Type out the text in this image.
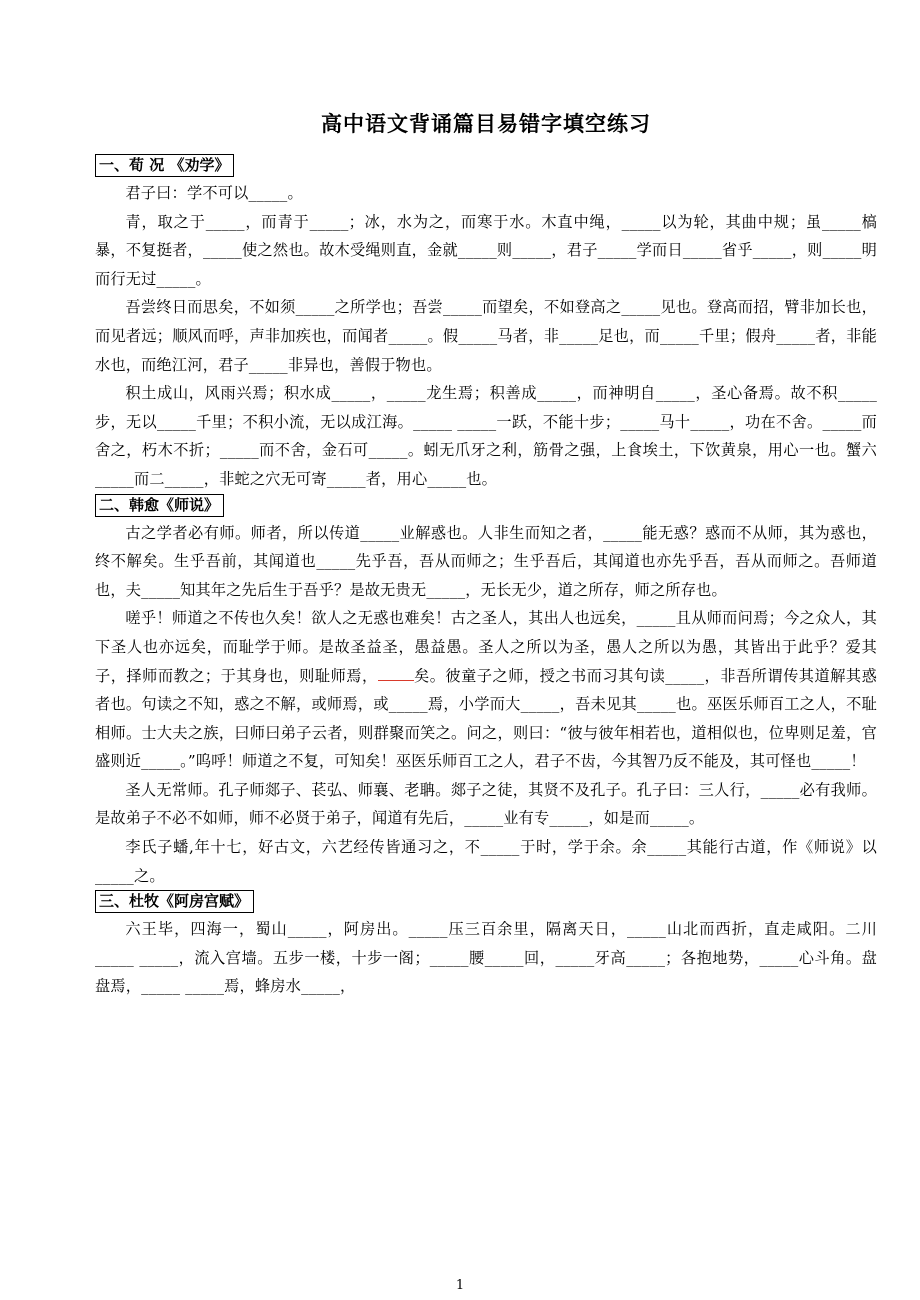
高中语文背诵篇目易错字填空练习
一、荀 况 《劝学》

君子曰：学不可以_____。

青，取之于_____，而青于_____；冰，水为之，而寒于水。木直中绳，_____以为轮，其曲中规；虽_____槁暴，不复挺者，_____使之然也。故木受绳则直，金就_____则_____，君子_____学而日_____省乎_____，则_____明而行无过_____。

吾尝终日而思矣，不如须_____之所学也；吾尝_____而望矣，不如登高之_____见也。登高而招，臂非加长也，而见者远；顺风而呼，声非加疾也，而闻者_____。假_____马者，非_____足也，而_____千里；假舟_____者，非能水也，而绝江河，君子_____非异也，善假于物也。

积土成山，风雨兴焉；积水成_____，_____龙生焉；积善成_____，而神明自_____，圣心备焉。故不积_____步，无以_____千里；不积小流，无以成江海。_____ _____一跃，不能十步；_____马十_____，功在不舍。_____而舍之，朽木不折；_____而不舍，金石可_____。蚓无爪牙之利，筋骨之强，上食埃土，下饮黄泉，用心一也。蟹六_____而二_____，非蛇之穴无可寄_____者，用心_____也。

二、韩愈《师说》

古之学者必有师。师者，所以传道_____业解惑也。人非生而知之者，_____能无惑？惑而不从师，其为惑也，终不解矣。生乎吾前，其闻道也_____先乎吾，吾从而师之；生乎吾后，其闻道也亦先乎吾，吾从而师之。吾师道也，夫_____知其年之先后生于吾乎？是故无贵无_____，无长无少，道之所存，师之所存也。

嗟乎！师道之不传也久矣！欲人之无惑也难矣！古之圣人，其出人也远矣，_____且从师而问焉；今之众人，其下圣人也亦远矣，而耻学于师。是故圣益圣，愚益愚。圣人之所以为圣，愚人之所以为愚，其皆出于此乎？爱其子，择师而教之；于其身也，则耻师焉， 矣。彼童子之师，授之书而习其句读_____，非吾所谓传其道解其惑者也。句读之不知，惑之不解，或师焉，或_____焉，小学而大_____，吾未见其_____也。巫医乐师百工之人，不耻相师。士大夫之族，曰师曰弟子云者，则群聚而笑之。问之，则曰：“彼与彼年相若也，道相似也，位卑则足羞，官盛则近_____。”呜呼！师道之不复，可知矣！巫医乐师百工之人，君子不齿，今其智乃反不能及，其可怪也_____！

圣人无常师。孔子师郯子、苌弘、师襄、老聃。郯子之徒，其贤不及孔子。孔子曰：三人行，_____必有我师。是故弟子不必不如师，师不必贤于弟子，闻道有先后，_____业有专_____，如是而_____。

李氏子蟠,年十七，好古文，六艺经传皆通习之，不_____于时，学于余。余_____其能行古道，作《师说》以_____之。

三、杜牧《阿房宫赋》

六王毕，四海一，蜀山_____，阿房出。_____压三百余里，隔离天日，_____山北而西折，直走咸阳。二川_____ _____，流入宫墙。五步一楼，十步一阁；_____腰_____回，_____牙高_____；各抱地势，_____心斗角。盘盘焉，_____ _____焉，蜂房水_____，

1
